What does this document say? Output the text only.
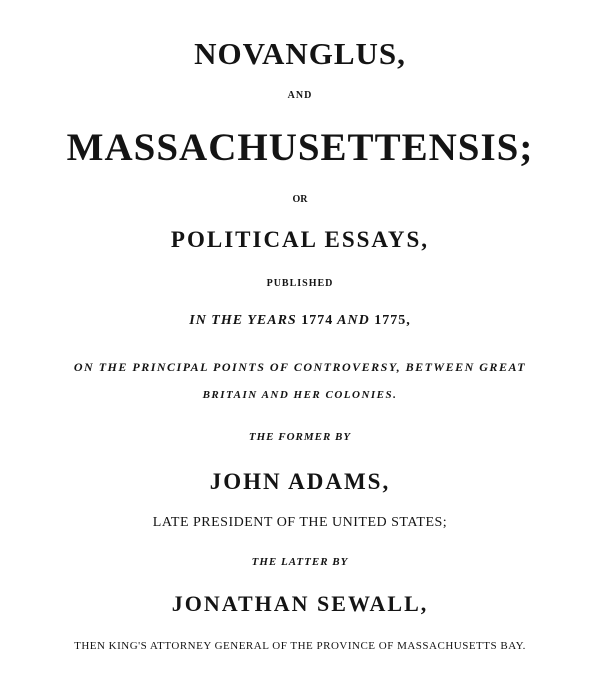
NOVANGLUS,
AND
MASSACHUSETTENSIS;
OR
POLITICAL ESSAYS,
PUBLISHED
IN THE YEARS 1774 AND 1775,
ON THE PRINCIPAL POINTS OF CONTROVERSY, BETWEEN GREAT
BRITAIN AND HER COLONIES.
THE FORMER BY
JOHN ADAMS,
LATE PRESIDENT OF THE UNITED STATES;
THE LATTER BY
JONATHAN SEWALL,
THEN KING'S ATTORNEY GENERAL OF THE PROVINCE OF MASSACHUSETTS BAY.
